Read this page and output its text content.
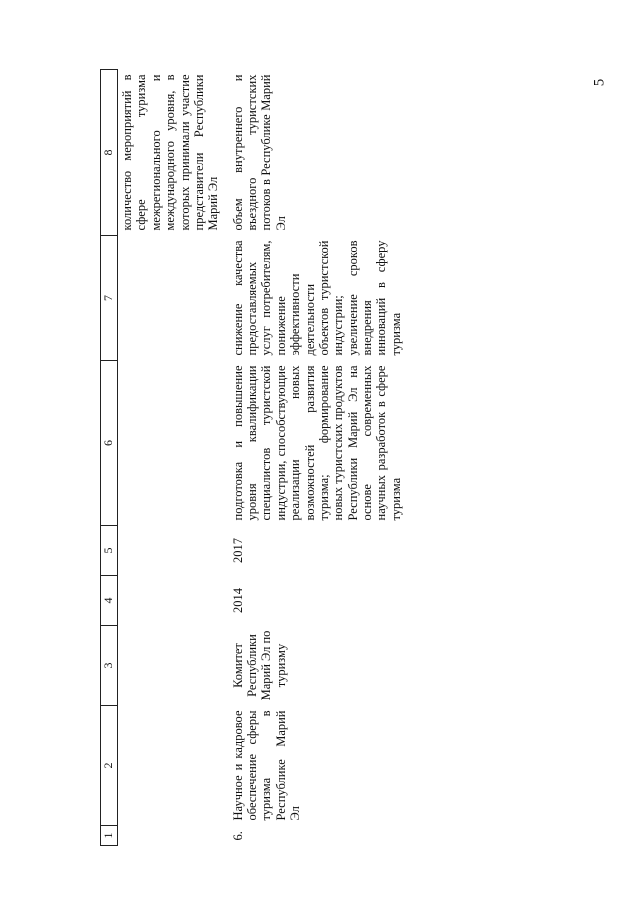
5
1	2	3	4	5	6	7	8
							количество мероприятий в сфере туризма межрегионального и международного уровня, в которых принимали участие представители Республики Марий Эл
6.	Научное и кадровое обеспечение сферы туризма в Республике Марий Эл	Комитет Республики Марий Эл по туризму	2014	2017	подготовка и повышение уровня квалификации специалистов туристской индустрии, способствующие реализации новых возможностей развития туризма; формирование новых туристских продуктов Республики Марий Эл на основе современных научных разработок в сфере туризма	снижение качества предоставляемых услуг потребителям, понижение эффективности деятельности объектов туристской индустрии; увеличение сроков внедрения инноваций в сферу туризма	объем внутреннего и въездного туристских потоков в Республике Марий Эл
